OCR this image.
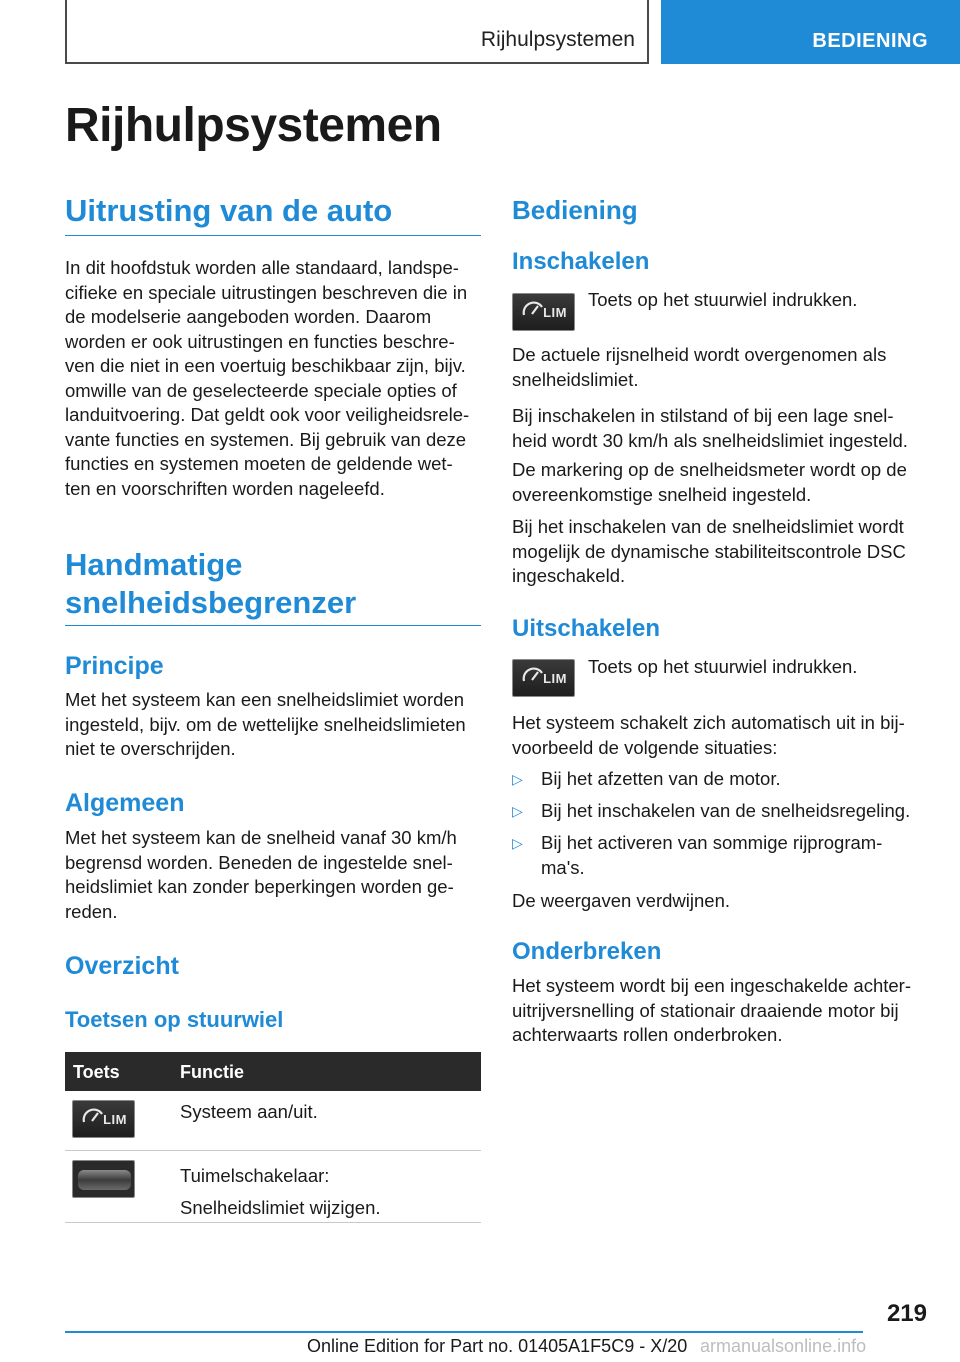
Rijhulpsystemen	BEDIENING
Rijhulpsystemen
Uitrusting van de auto
In dit hoofdstuk worden alle standaard, landspe‐
cifieke en speciale uitrustingen beschreven die in
de modelserie aangeboden worden. Daarom
worden er ook uitrustingen en functies beschre‐
ven die niet in een voertuig beschikbaar zijn, bijv.
omwille van de geselecteerde speciale opties of
landuitvoering. Dat geldt ook voor veiligheidsrele‐
vante functies en systemen. Bij gebruik van deze
functies en systemen moeten de geldende wet‐
ten en voorschriften worden nageleefd.
Handmatige
snelheidsbegrenzer
Principe
Met het systeem kan een snelheidslimiet worden
ingesteld, bijv. om de wettelijke snelheidslimieten
niet te overschrijden.
Algemeen
Met het systeem kan de snelheid vanaf 30 km/h
begrensd worden. Beneden de ingestelde snel‐
heidslimiet kan zonder beperkingen worden ge‐
reden.
Overzicht
Toetsen op stuurwiel
Toets	Functie
LIM	Systeem aan/uit.
Tuimelschakelaar:
Snelheidslimiet wijzigen.
Bediening
Inschakelen
LIM
Toets op het stuurwiel indrukken.
De actuele rijsnelheid wordt overgenomen als
snelheidslimiet.
Bij inschakelen in stilstand of bij een lage snel‐
heid wordt 30 km/h als snelheidslimiet ingesteld.
De markering op de snelheidsmeter wordt op de
overeenkomstige snelheid ingesteld.
Bij het inschakelen van de snelheidslimiet wordt
mogelijk de dynamische stabiliteitscontrole DSC
ingeschakeld.
Uitschakelen
LIM
Toets op het stuurwiel indrukken.
Het systeem schakelt zich automatisch uit in bij‐
voorbeeld de volgende situaties:
▷ Bij het afzetten van de motor.
▷ Bij het inschakelen van de snelheidsregeling.
▷ Bij het activeren van sommige rijprogram‐
ma's.
De weergaven verdwijnen.
Onderbreken
Het systeem wordt bij een ingeschakelde achter‐
uitrijversnelling of stationair draaiende motor bij
achterwaarts rollen onderbroken.
219
Online Edition for Part no. 01405A1F5C9 - X/20 armanualsonline.info
